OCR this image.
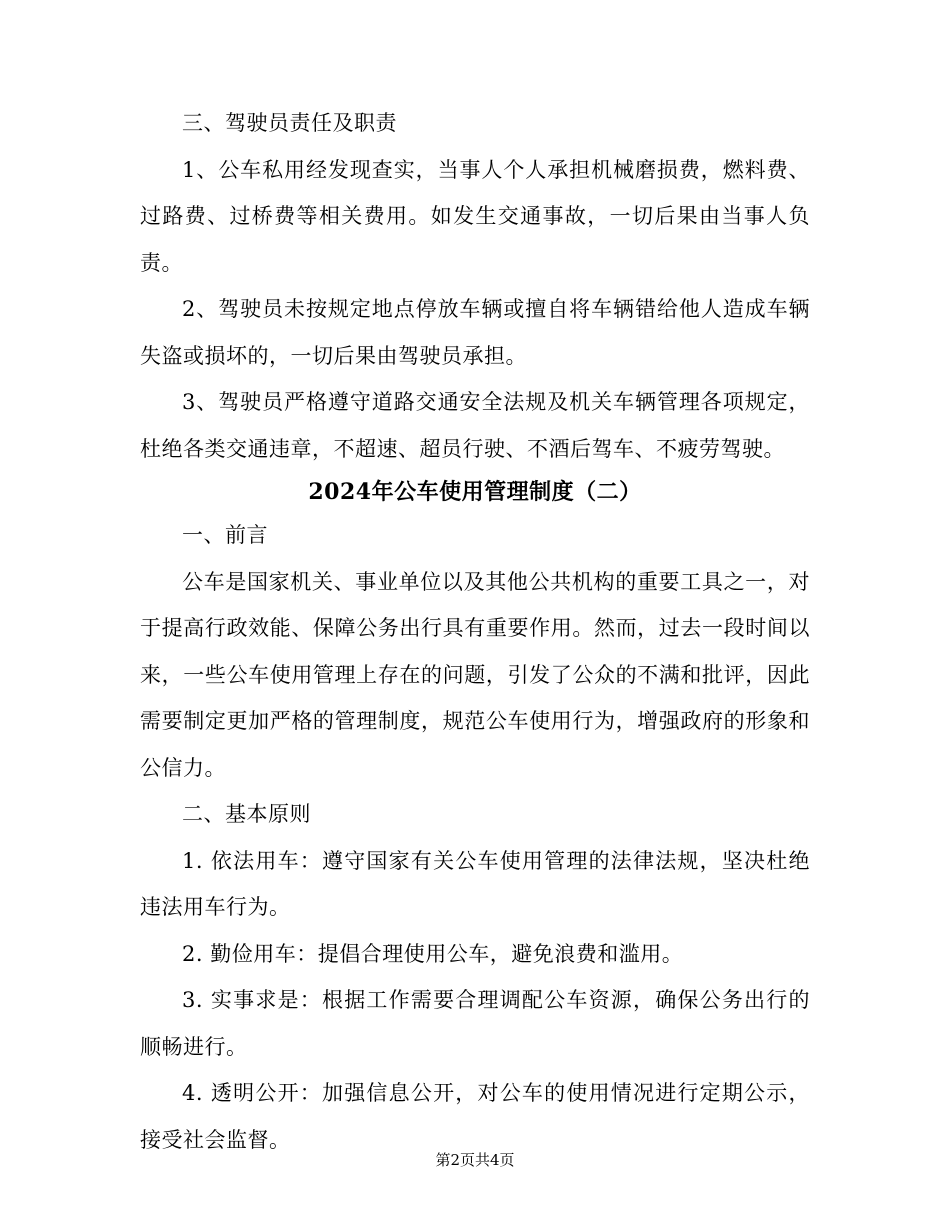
三、驾驶员责任及职责

1、公车私用经发现查实，当事人个人承担机械磨损费，燃料费、过路费、过桥费等相关费用。如发生交通事故，一切后果由当事人负责。

2、驾驶员未按规定地点停放车辆或擅自将车辆错给他人造成车辆失盗或损坏的，一切后果由驾驶员承担。

3、驾驶员严格遵守道路交通安全法规及机关车辆管理各项规定，杜绝各类交通违章，不超速、超员行驶、不酒后驾车、不疲劳驾驶。

2024年公车使用管理制度（二）

一、前言

公车是国家机关、事业单位以及其他公共机构的重要工具之一，对于提高行政效能、保障公务出行具有重要作用。然而，过去一段时间以来，一些公车使用管理上存在的问题，引发了公众的不满和批评，因此需要制定更加严格的管理制度，规范公车使用行为，增强政府的形象和公信力。

二、基本原则

1. 依法用车：遵守国家有关公车使用管理的法律法规，坚决杜绝违法用车行为。

2. 勤俭用车：提倡合理使用公车，避免浪费和滥用。

3. 实事求是：根据工作需要合理调配公车资源，确保公务出行的顺畅进行。

4. 透明公开：加强信息公开，对公车的使用情况进行定期公示，接受社会监督。

第2页共4页
